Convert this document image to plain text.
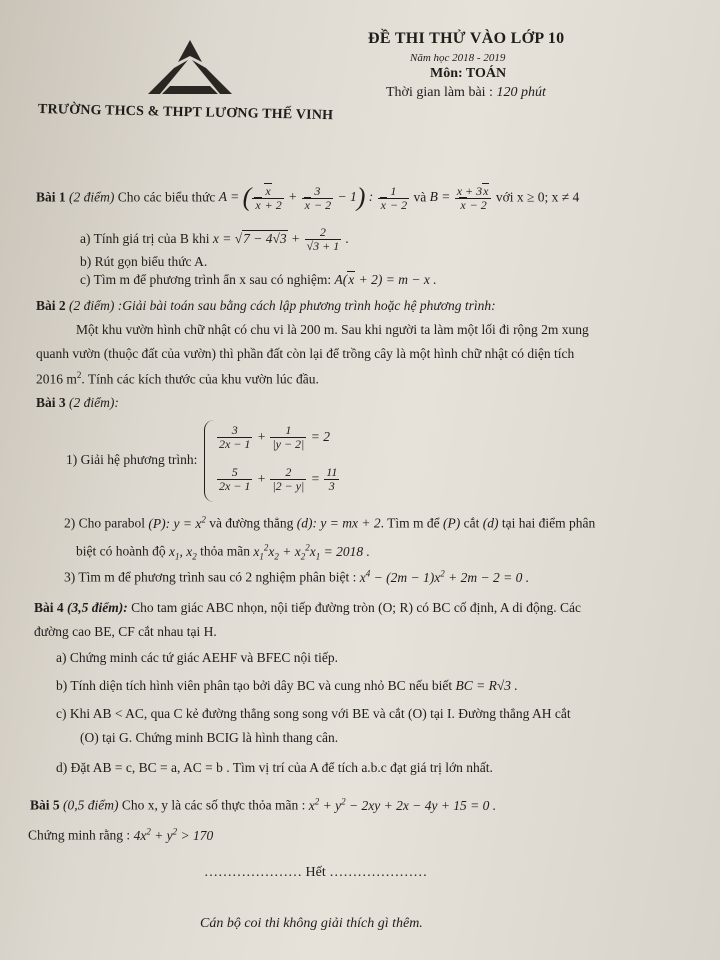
TRƯỜNG THCS & THPT LƯƠNG THẾ VINH
ĐỀ THI THỬ VÀO LỚP 10
Năm học 2018 - 2019
Môn: TOÁN
Thời gian làm bài : 120 phút
Bài 1 (2 điểm) Cho các biểu thức A = ( $\frac{x}{x + 2} + \frac{3}{x - 2} - 1$) : $\frac{1}{x - 2}$ và $B = \frac{x + 3x}{x - 2}$ với x ≥ 0; x ≠ 4
a) Tính giá trị của B khi $x = √7 - 4√3 + \frac{2}{√3 + 1}$ .
b) Rút gọn biểu thức A.
c) Tìm m để phương trình ẩn x sau có nghiệm: A(x + 2) = m − x .
Bài 2 (2 điểm) :Giải bài toán sau bằng cách lập phương trình hoặc hệ phương trình:
Một khu vườn hình chữ nhật có chu vi là 200 m. Sau khi người ta làm một lối đi rộng 2m xung
quanh vườn (thuộc đất của vườn) thì phần đất còn lại để trồng cây là một hình chữ nhật có diện tích
2016 $m^2$. Tính các kích thước của khu vườn lúc đầu.
Bài 3 (2 điểm):
1) Giải hệ phương trình:
$\frac{3}{2x - 1} + \frac{1}{|y - 2|} = 2$
$\frac{5}{2x - 1} + \frac{2}{|2 - y|} = \frac{11}{3}$
2) Cho parabol (P): $y = x^2$ và đường thẳng (d): y = mx + 2. Tìm m để (P) cắt (d) tại hai điểm phân
biệt có hoành độ $x_1$, $x_2$ thỏa mãn $x_1^2x_2 + x_2^2x_1 = 2018$ .
3) Tìm m để phương trình sau có 2 nghiệm phân biệt : $x^4 - (2m - 1)x^2 + 2m - 2 = 0$ .
Bài 4 (3,5 điểm): Cho tam giác ABC nhọn, nội tiếp đường tròn (O; R) có BC cố định, A di động. Các
đường cao BE, CF cắt nhau tại H.
a) Chứng minh các tứ giác AEHF và BFEC nội tiếp.
b) Tính diện tích hình viên phân tạo bởi dây BC và cung nhỏ BC nếu biết BC = R√3 .
c) Khi AB < AC, qua C kẻ đường thẳng song song với BE và cắt (O) tại I. Đường thẳng AH cắt
(O) tại G. Chứng minh BCIG là hình thang cân.
d) Đặt AB = c, BC = a, AC = b . Tìm vị trí của A để tích a.b.c đạt giá trị lớn nhất.
Bài 5 (0,5 điểm) Cho x, y là các số thực thỏa mãn : $x^2 + y^2 - 2xy + 2x - 4y + 15 = 0$ .
Chứng minh rằng : $4x^2 + y^2 > 170$
………………… Hết …………………
Cán bộ coi thi không giải thích gì thêm.
